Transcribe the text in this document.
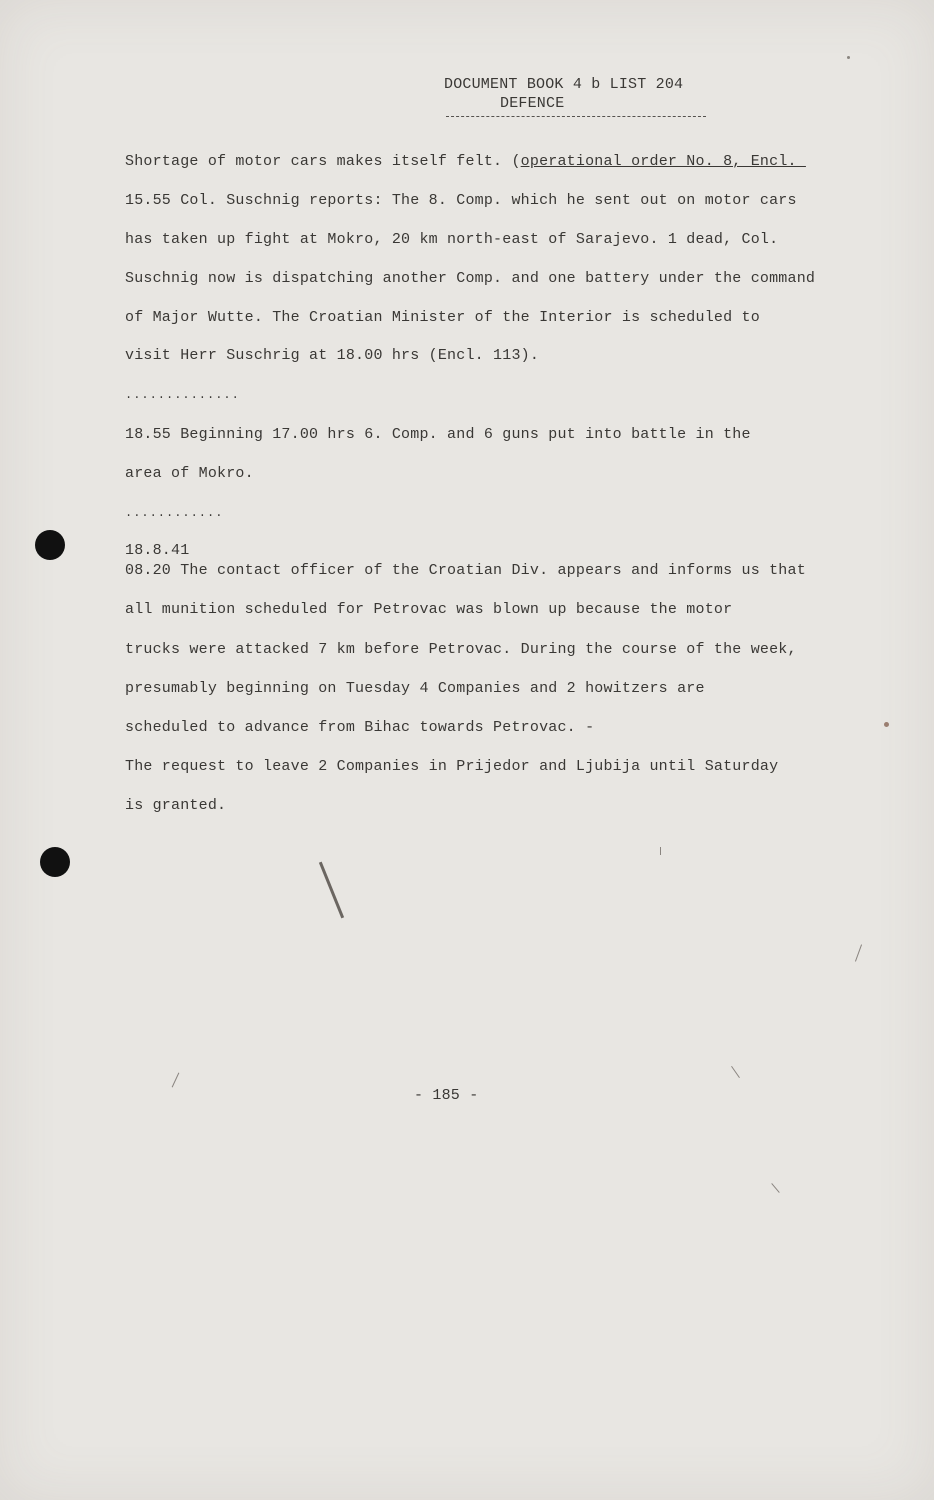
DOCUMENT BOOK 4 b LIST 204
DEFENCE
Shortage of motor cars makes itself felt. (operational order No. 8, Encl.
15.55 Col. Suschnig reports: The 8. Comp. which he sent out on motor cars
has taken up fight at Mokro, 20 km north-east of Sarajevo. 1 dead, Col.
Suschnig now is dispatching another Comp. and one battery under the command
of Major Wutte. The Croatian Minister of the Interior is scheduled to
visit Herr Suschrig at 18.00 hrs (Encl. 113).
..............
18.55 Beginning 17.00 hrs 6. Comp. and 6 guns put into battle in the
area of Mokro.
............
18.8.41
08.20 The contact officer of the Croatian Div. appears and informs us that
all munition scheduled for Petrovac was blown up because the motor
trucks were attacked 7 km before Petrovac. During the course of the week,
presumably beginning on Tuesday 4 Companies and 2 howitzers are
scheduled to advance from Bihac towards Petrovac. -
The request to leave 2 Companies in Prijedor and Ljubija until Saturday
is granted.
- 185 -
